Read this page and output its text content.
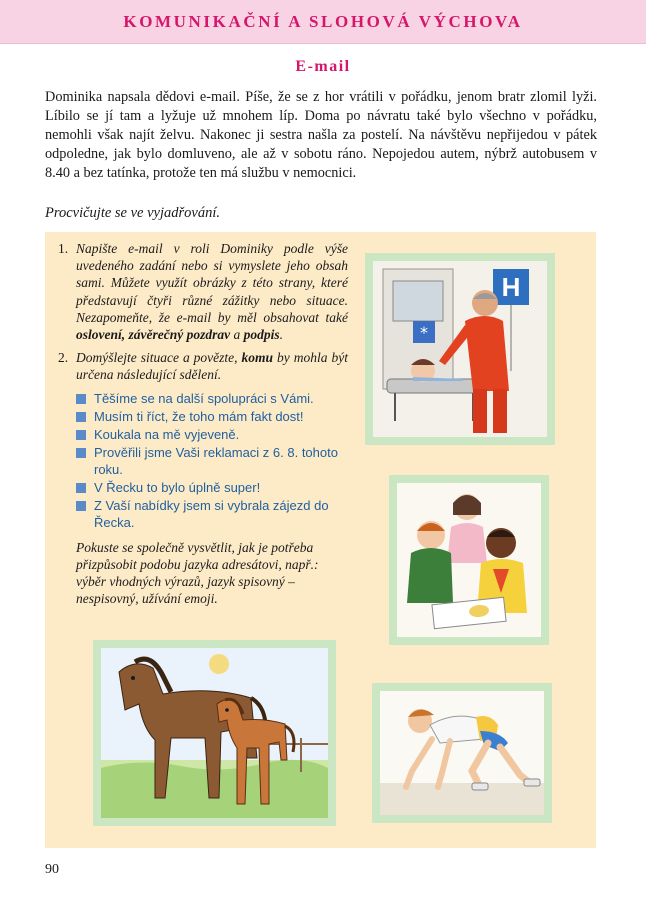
KOMUNIKAČNÍ A SLOHOVÁ VÝCHOVA
E-mail

Dominika napsala dědovi e-mail. Píše, že se z hor vrátili v pořádku, jenom bratr zlomil lyži. Líbilo se jí tam a lyžuje už mnohem líp. Doma po návratu také bylo všechno v pořádku, nemohli však najít želvu. Nakonec ji sestra našla za postelí. Na návštěvu nepřijedou v pátek odpoledne, jak bylo domluveno, ale až v sobotu ráno. Nepojedou autem, nýbrž autobusem v 8.40 a bez tatínka, protože ten má službu v nemocnici.

Procvičujte se ve vyjadřování.

1. Napište e-mail v roli Dominiky podle výše uvedeného zadání nebo si vymyslete jeho obsah sami. Můžete využít obrázky z této strany, které představují čtyři různé zážitky nebo situace. Nezapomeňte, že e-mail by měl obsahovat také oslovení, závěrečný pozdrav a podpis.

2. Domýšlejte situace a povězte, komu by mohla být určena následující sdělení.

Těšíme se na další spolupráci s Vámi.
Musím ti říct, že toho mám fakt dost!
Koukala na mě vyjeveně.
Prověřili jsme Vaši reklamaci z 6. 8. tohoto roku.
V Řecku to bylo úplně super!
Z Vaší nabídky jsem si vybrala zájezd do Řecka.

Pokuste se společně vysvětlit, jak je potřeba přizpůsobit podobu jazyka adresátovi, např.: výběr vhodných výrazů, jazyk spisovný – nespisovný, užívání emoji.

*
H
90
